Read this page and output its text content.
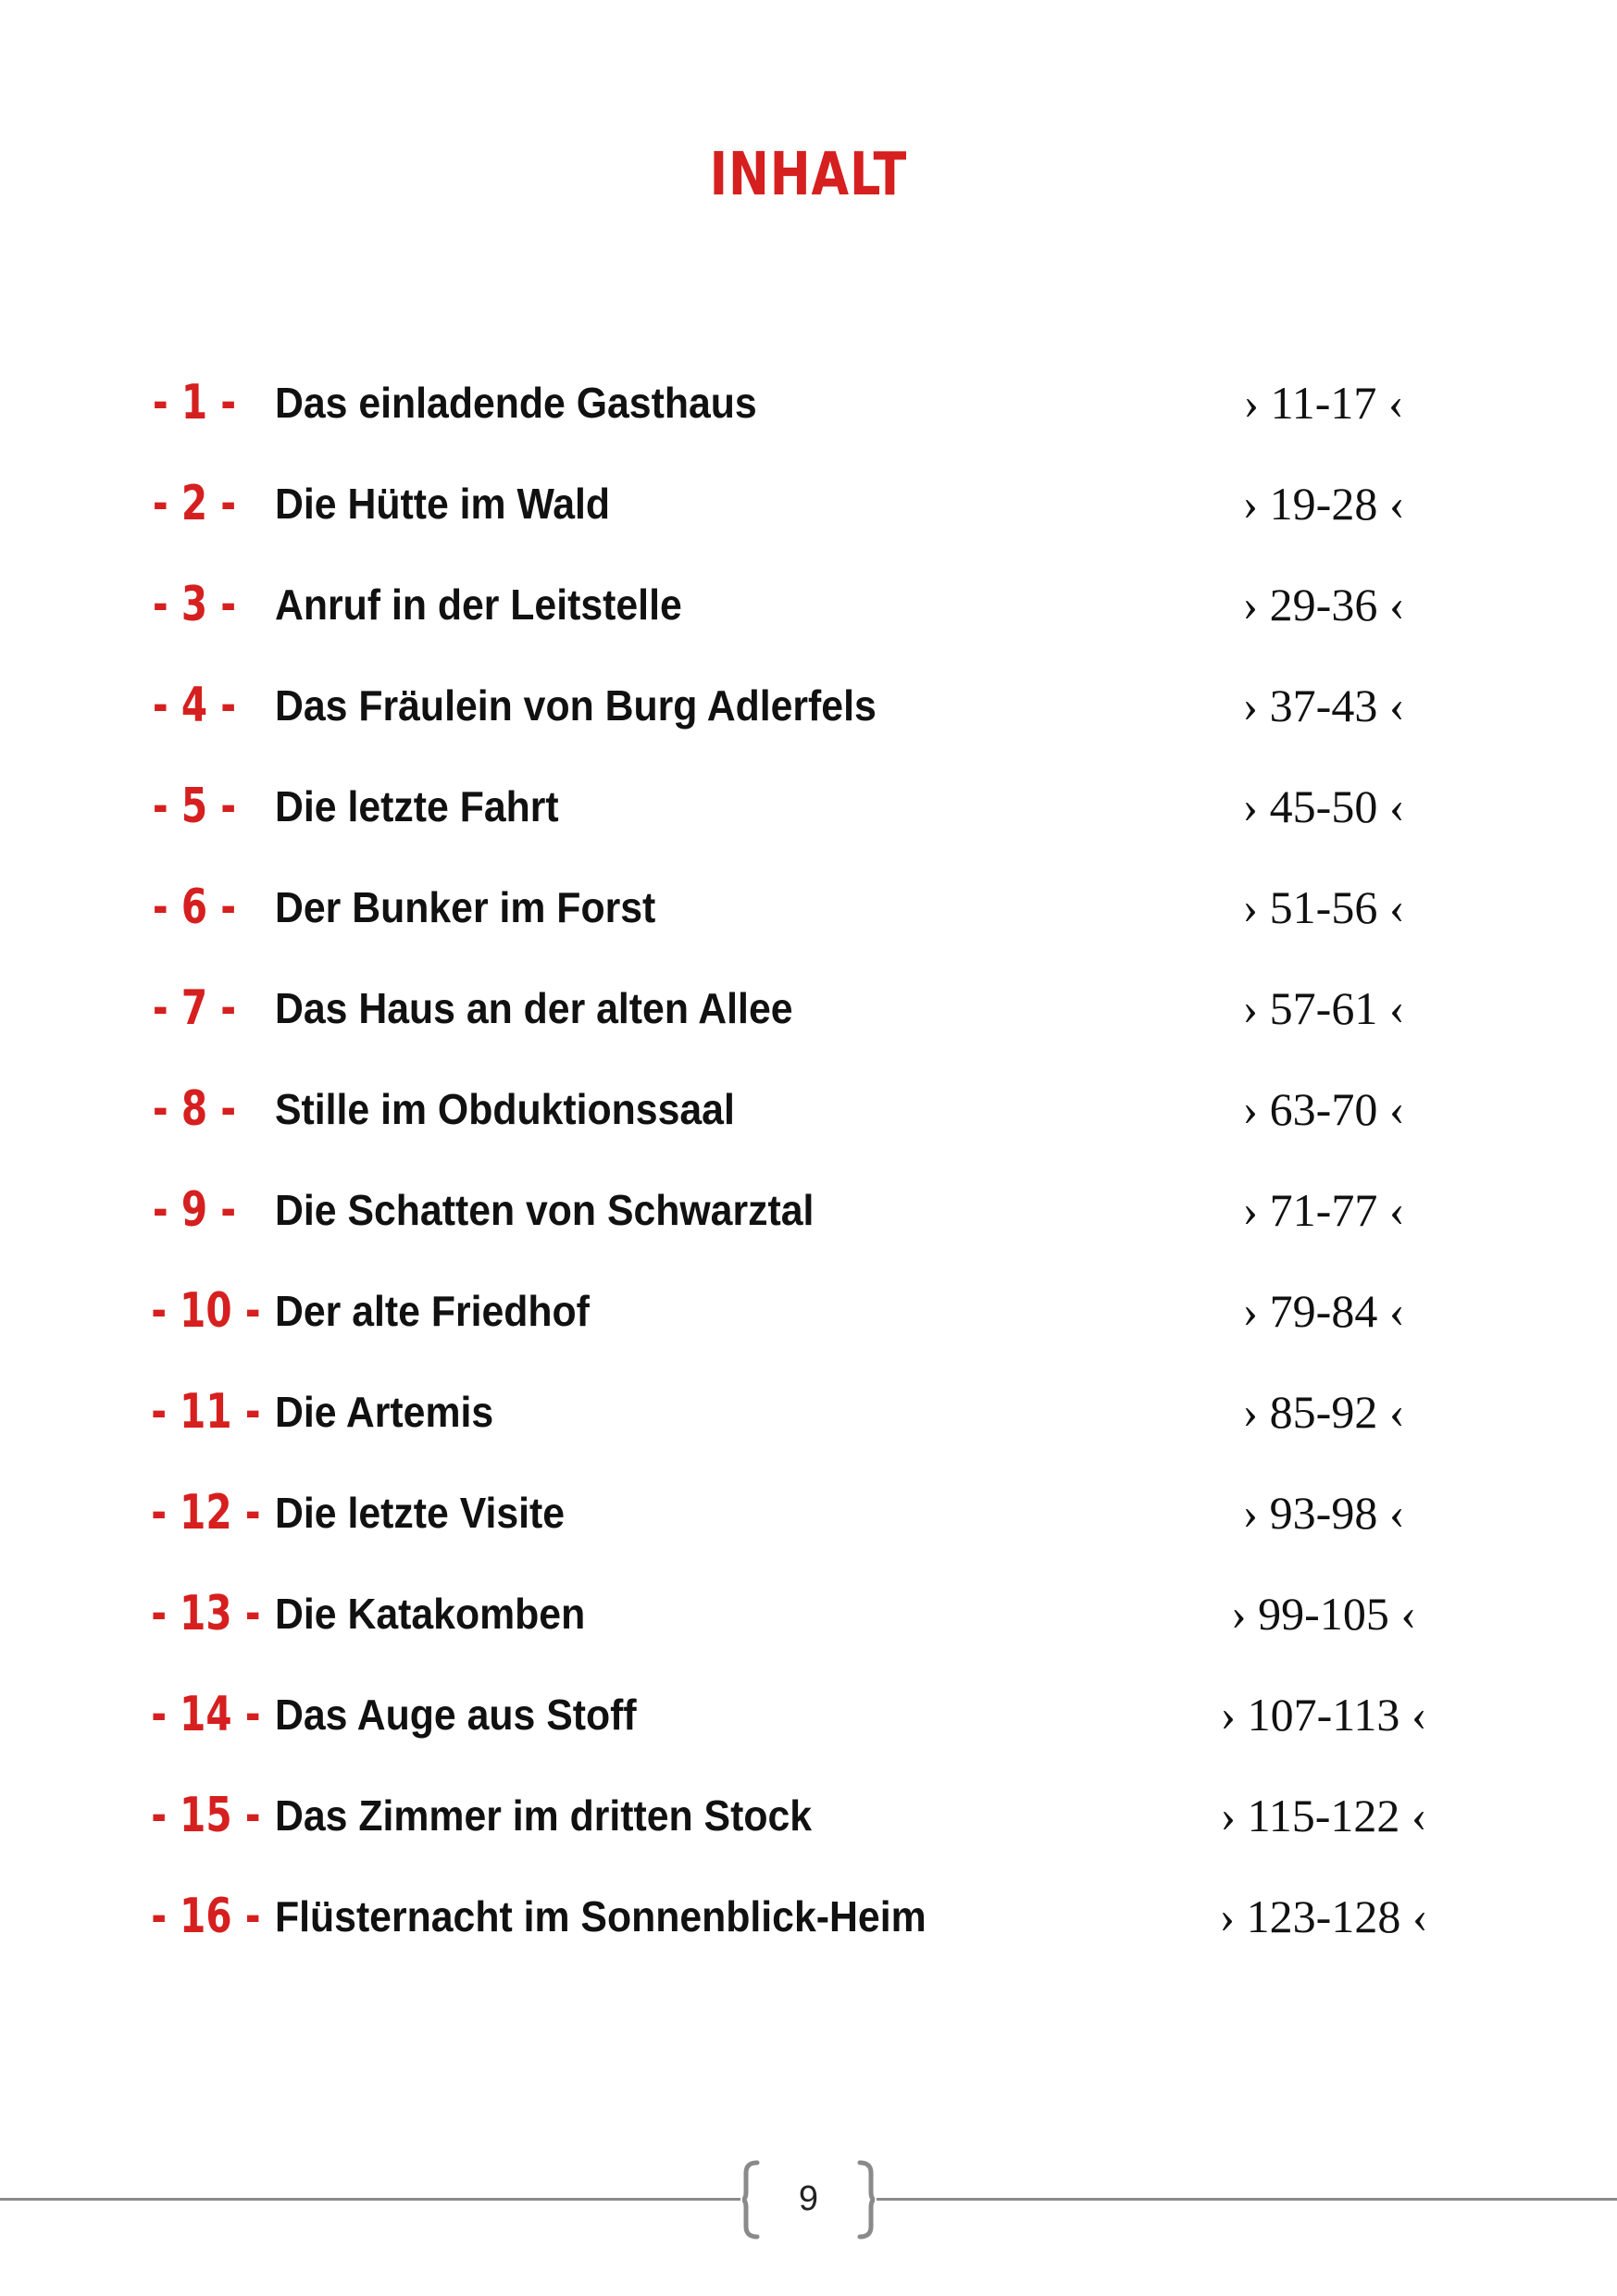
INHALT
- 1 - Das einladende Gasthaus	› 11-17 ‹
- 2 - Die Hütte im Wald	› 19-28 ‹
- 3 - Anruf in der Leitstelle	› 29-36 ‹
- 4 - Das Fräulein von Burg Adlerfels	› 37-43 ‹
- 5 - Die letzte Fahrt	› 45-50 ‹
- 6 - Der Bunker im Forst	› 51-56 ‹
- 7 - Das Haus an der alten Allee	› 57-61 ‹
- 8 - Stille im Obduktionssaal	› 63-70 ‹
- 9 - Die Schatten von Schwarztal	› 71-77 ‹
- 10 - Der alte Friedhof	› 79-84 ‹
- 11 - Die Artemis	› 85-92 ‹
- 12 - Die letzte Visite	› 93-98 ‹
- 13 - Die Katakomben	› 99-105 ‹
- 14 - Das Auge aus Stoff	› 107-113 ‹
- 15 - Das Zimmer im dritten Stock	› 115-122 ‹
- 16 - Flüsternacht im Sonnenblick-Heim	› 123-128 ‹
9
